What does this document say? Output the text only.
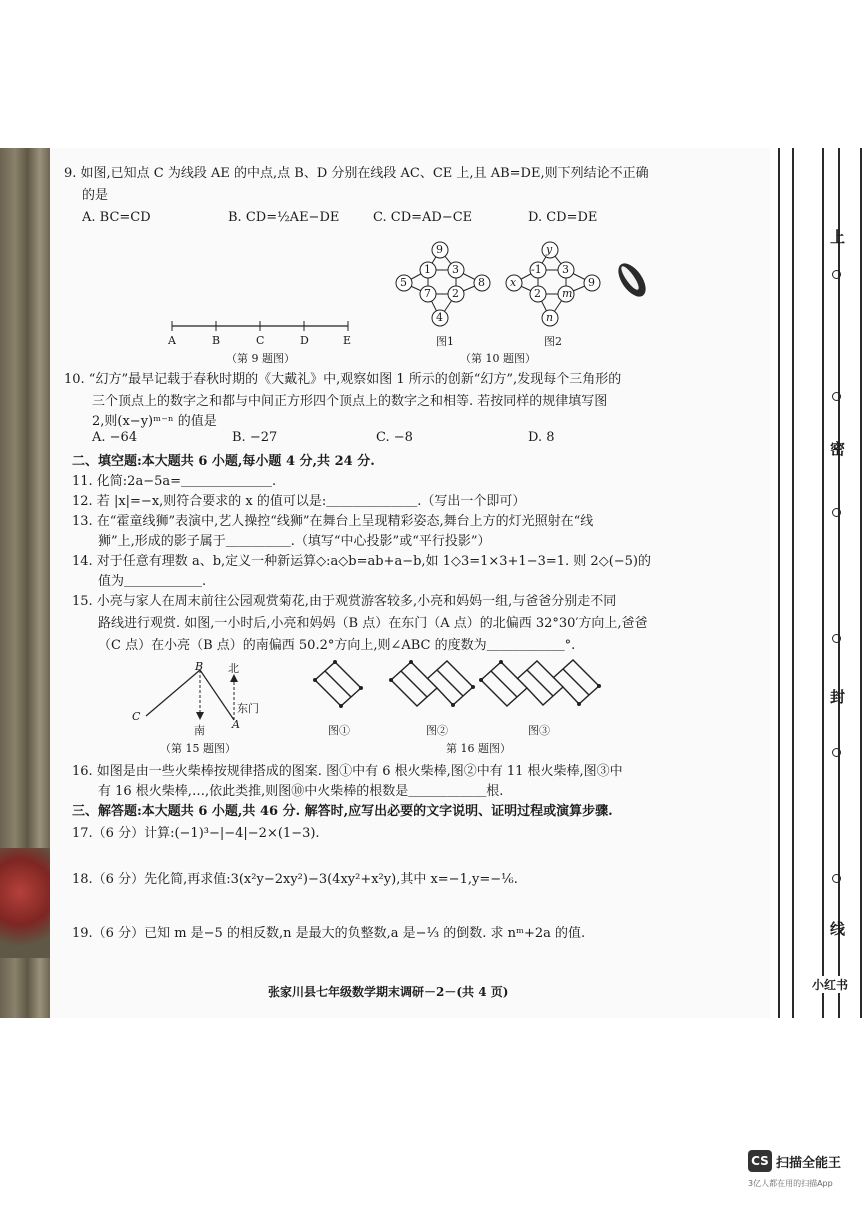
上
密
封
线
小红书
9. 如图,已知点 C 为线段 AE 的中点,点 B、D 分别在线段 AC、CE 上,且 AB=DE,则下列结论不正确
的是
A. BC=CD	B. CD=½AE−DE	C. CD=AD−CE	D. CD=DE
A	B	C	D	E
（第 9 题图）
9
5
1 3
8
7 2
4
图1
y
x
-1 3
9
2 m
n
图2
（第 10 题图）
10. “幻方”最早记载于春秋时期的《大戴礼》中,观察如图 1 所示的创新“幻方”,发现每个三角形的
三个顶点上的数字之和都与中间正方形四个顶点上的数字之和相等. 若按同样的规律填写图
2,则(x−y)ᵐ⁻ⁿ 的值是
A. −64	B. −27	C. −8	D. 8
二、填空题:本大题共 6 小题,每小题 4 分,共 24 分.
11. 化简:2a−5a=＿＿＿＿＿＿＿.
12. 若 |x|=−x,则符合要求的 x 的值可以是:＿＿＿＿＿＿＿.（写出一个即可）
13. 在“霍童线狮”表演中,艺人操控“线狮”在舞台上呈现精彩姿态,舞台上方的灯光照射在“线
狮”上,形成的影子属于＿＿＿＿＿.（填写“中心投影”或“平行投影”）
14. 对于任意有理数 a、b,定义一种新运算◇:a◇b=ab+a−b,如 1◇3=1×3+1−3=1. 则 2◇(−5)的
值为＿＿＿＿＿＿.
15. 小亮与家人在周末前往公园观赏菊花,由于观赏游客较多,小亮和妈妈一组,与爸爸分别走不同
路线进行观赏. 如图,一小时后,小亮和妈妈（B 点）在东门（A 点）的北偏西 32°30′方向上,爸爸
（C 点）在小亮（B 点）的南偏西 50.2°方向上,则∠ABC 的度数为＿＿＿＿＿＿°.
B 北
C
东门
南 A
（第 15 题图）
图①	图②	图③
第 16 题图）
16. 如图是由一些火柴棒按规律搭成的图案. 图①中有 6 根火柴棒,图②中有 11 根火柴棒,图③中
有 16 根火柴棒,…,依此类推,则图⑩中火柴棒的根数是＿＿＿＿＿＿根.
三、解答题:本大题共 6 小题,共 46 分. 解答时,应写出必要的文字说明、证明过程或演算步骤.
17.（6 分）计算:(−1)³−|−4|−2×(1−3).
18.（6 分）先化简,再求值:3(x²y−2xy²)−3(4xy²+x²y),其中 x=−1,y=−⅙.
19.（6 分）已知 m 是−5 的相反数,n 是最大的负整数,a 是−⅓ 的倒数. 求 nᵐ+2a 的值.
张家川县七年级数学期末调研－2－(共 4 页)
CS 扫描全能王
3亿人都在用的扫描App
